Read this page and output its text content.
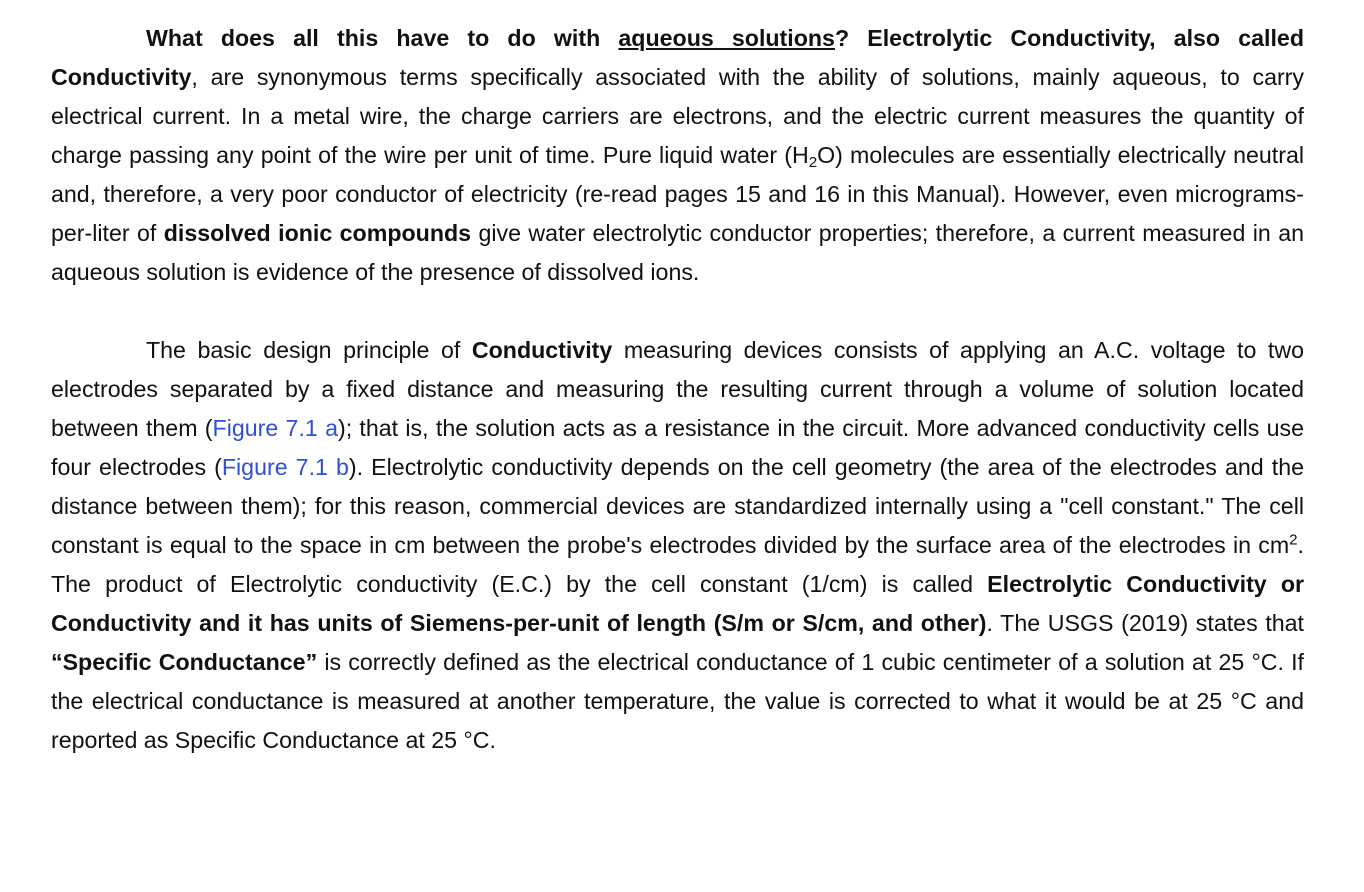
What does all this have to do with aqueous solutions? Electrolytic Conductivity, also called Conductivity, are synonymous terms specifically associated with the ability of solutions, mainly aqueous, to carry electrical current. In a metal wire, the charge carriers are electrons, and the electric current measures the quantity of charge passing any point of the wire per unit of time. Pure liquid water $(H_2O)$ molecules are essentially electrically neutral and, therefore, a very poor conductor of electricity (re-read pages 15 and 16 in this Manual). However, even micrograms-per-liter of dissolved ionic compounds give water electrolytic conductor properties; therefore, a current measured in an aqueous solution is evidence of the presence of dissolved ions.

The basic design principle of Conductivity measuring devices consists of applying an A.C. voltage to two electrodes separated by a fixed distance and measuring the resulting current through a volume of solution located between them (Figure 7.1 a); that is, the solution acts as a resistance in the circuit. More advanced conductivity cells use four electrodes (Figure 7.1 b). Electrolytic conductivity depends on the cell geometry (the area of the electrodes and the distance between them); for this reason, commercial devices are standardized internally using a "cell constant." The cell constant is equal to the space in cm between the probe's electrodes divided by the surface area of the electrodes in $cm^2$. The product of Electrolytic conductivity (E.C.) by the cell constant (1/cm) is called Electrolytic Conductivity or Conductivity and it has units of Siemens-per-unit of length (S/m or S/cm, and other). The USGS (2019) states that “Specific Conductance” is correctly defined as the electrical conductance of 1 cubic centimeter of a solution at 25 °C. If the electrical conductance is measured at another temperature, the value is corrected to what it would be at 25 °C and reported as Specific Conductance at 25 °C.
